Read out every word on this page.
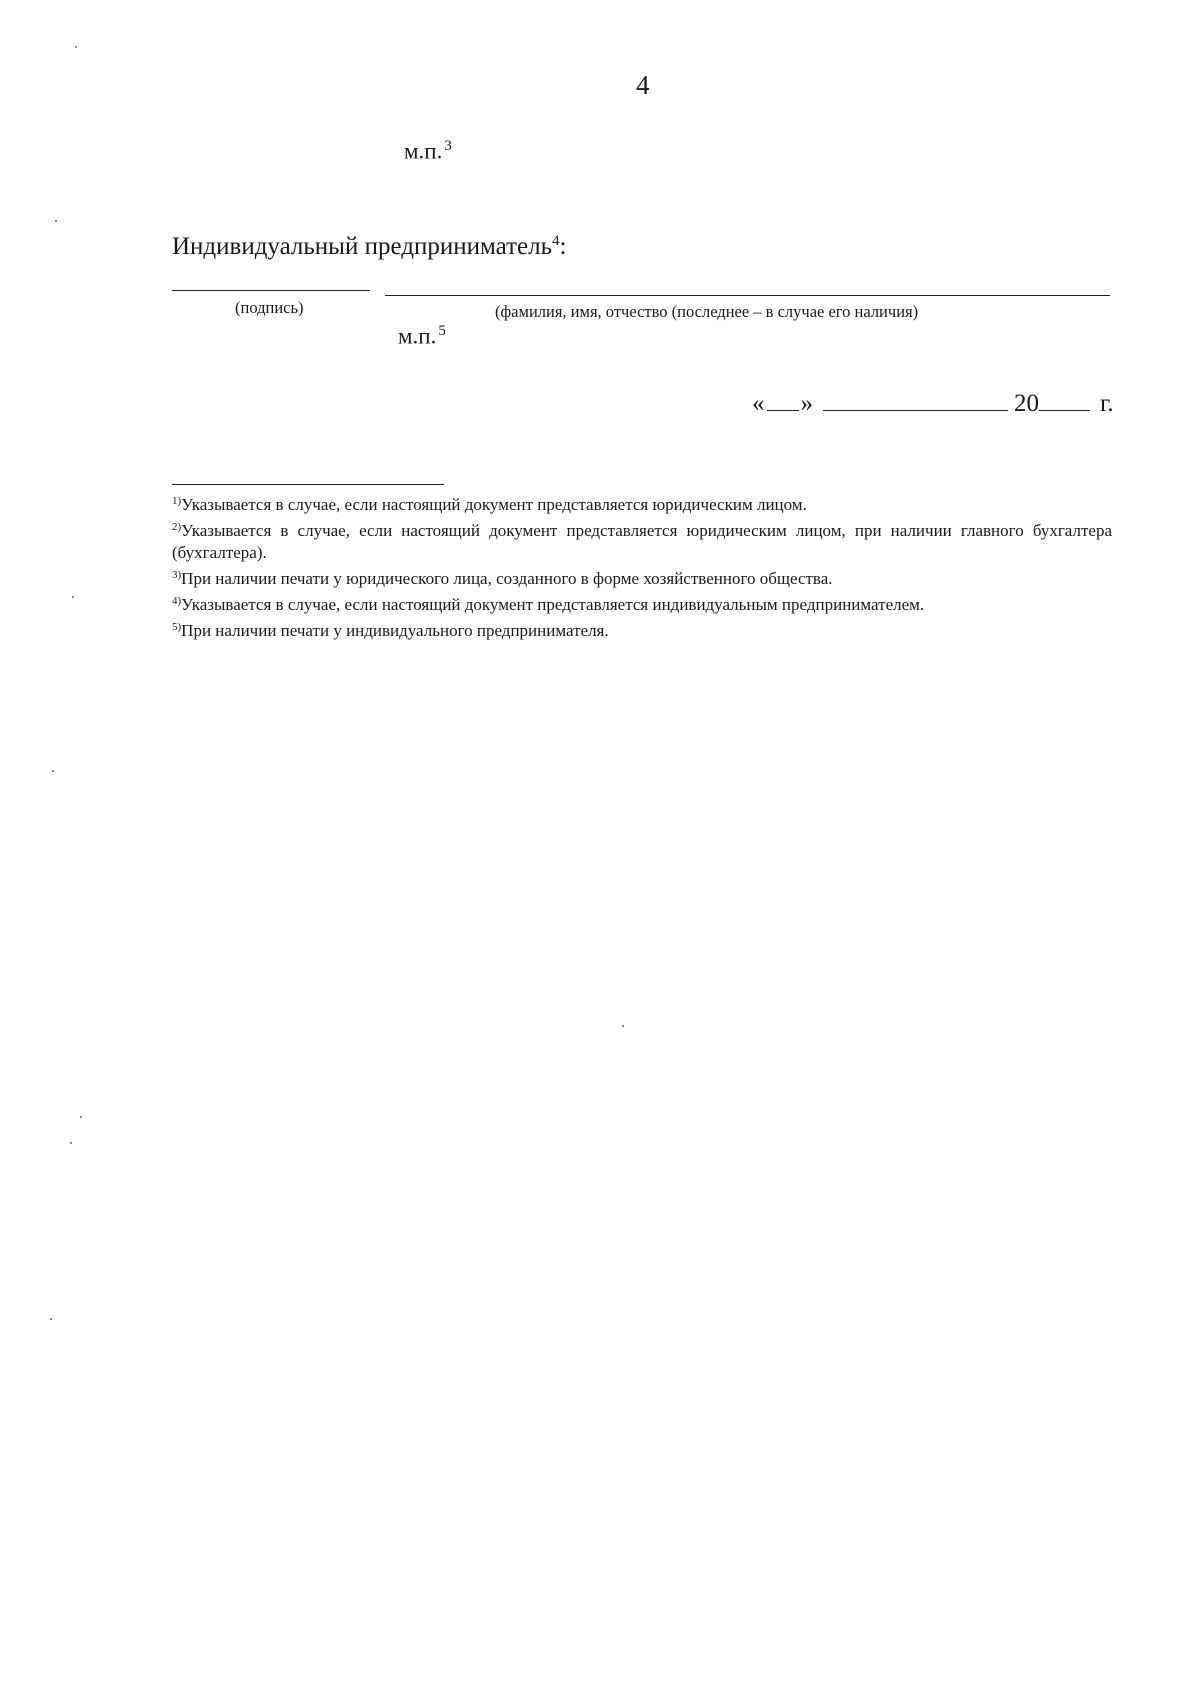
4
м.п. $^3$
Индивидуальный предприниматель$^4$:
(подпись)	(фамилия, имя, отчество (последнее – в случае его наличия)
м.п. $^5$
« »	20 г.

$^{1)}$Указывается в случае, если настоящий документ представляется юридическим лицом.

$^{2)}$Указывается в случае, если настоящий документ представляется юридическим лицом, при наличии главного бухгалтера (бухгалтера).

$^{3)}$При наличии печати у юридического лица, созданного в форме хозяйственного общества.

$^{4)}$Указывается в случае, если настоящий документ представляется индивидуальным предпринимателем.

$^{5)}$При наличии печати у индивидуального предпринимателя.
